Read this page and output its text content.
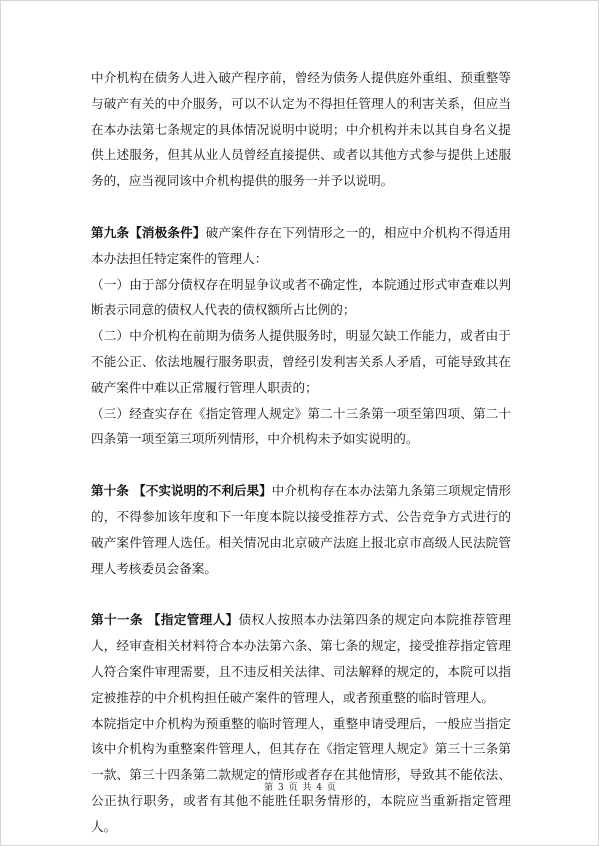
中介机构在债务人进入破产程序前，曾经为债务人提供庭外重组、预重整等与破产有关的中介服务，可以不认定为不得担任管理人的利害关系，但应当在本办法第七条规定的具体情况说明中说明；中介机构并未以其自身名义提供上述服务，但其从业人员曾经直接提供、或者以其他方式参与提供上述服务的，应当视同该中介机构提供的服务一并予以说明。

第九条【消极条件】破产案件存在下列情形之一的，相应中介机构不得适用本办法担任特定案件的管理人：

（一）由于部分债权存在明显争议或者不确定性，本院通过形式审查难以判断表示同意的债权人代表的债权额所占比例的；

（二）中介机构在前期为债务人提供服务时，明显欠缺工作能力，或者由于不能公正、依法地履行服务职责，曾经引发利害关系人矛盾，可能导致其在破产案件中难以正常履行管理人职责的；

（三）经查实存在《指定管理人规定》第二十三条第一项至第四项、第二十四条第一项至第三项所列情形，中介机构未予如实说明的。

第十条 【不实说明的不利后果】中介机构存在本办法第九条第三项规定情形的，不得参加该年度和下一年度本院以接受推荐方式、公告竞争方式进行的破产案件管理人选任。相关情况由北京破产法庭上报北京市高级人民法院管理人考核委员会备案。

第十一条 【指定管理人】债权人按照本办法第四条的规定向本院推荐管理人，经审查相关材料符合本办法第六条、第七条的规定，接受推荐指定管理人符合案件审理需要，且不违反相关法律、司法解释的规定的，本院可以指定被推荐的中介机构担任破产案件的管理人，或者预重整的临时管理人。

本院指定中介机构为预重整的临时管理人，重整申请受理后，一般应当指定该中介机构为重整案件管理人，但其存在《指定管理人规定》第三十三条第一款、第三十四条第二款规定的情形或者存在其他情形，导致其不能依法、公正执行职务，或者有其他不能胜任职务情形的，本院应当重新指定管理人。

第 3 页 共 4 页
